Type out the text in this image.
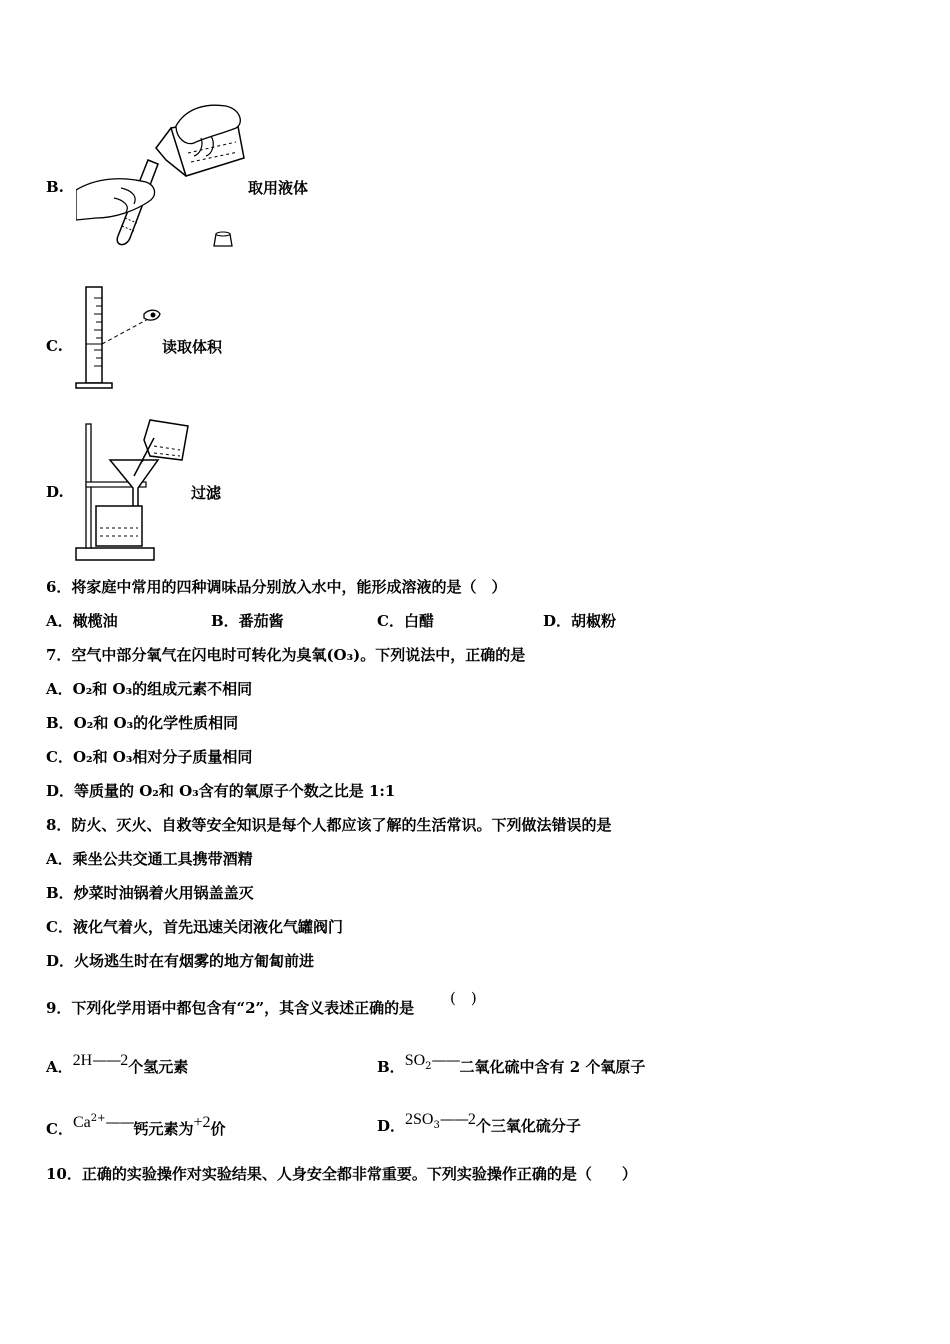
B.	取用液体
C.	读取体积
D.	过滤
6．将家庭中常用的四种调味品分别放入水中，能形成溶液的是（　）
A．橄榄油	B．番茄酱	C．白醋	D．胡椒粉
7．空气中部分氧气在闪电时可转化为臭氧(O₃)。下列说法中，正确的是
A．O₂和 O₃的组成元素不相同
B．O₂和 O₃的化学性质相同
C．O₂和 O₃相对分子质量相同
D．等质量的 O₂和 O₃含有的氧原子个数之比是 1:1
8．防火、灭火、自救等安全知识是每个人都应该了解的生活常识。下列做法错误的是
A．乘坐公共交通工具携带酒精
B．炒菜时油锅着火用锅盖盖灭
C．液化气着火，首先迅速关闭液化气罐阀门
D．火场逃生时在有烟雾的地方匍匐前进
9．下列化学用语中都包含有“2”，其含义表述正确的是
(　)
A．2H——2个氢元素	B．$SO_2——$二氧化硫中含有 2 个氧原子
C．$Ca^{2+}——$钙元素为+2价	D．$2SO_3——2$个三氧化硫分子
10．正确的实验操作对实验结果、人身安全都非常重要。下列实验操作正确的是（　　）
